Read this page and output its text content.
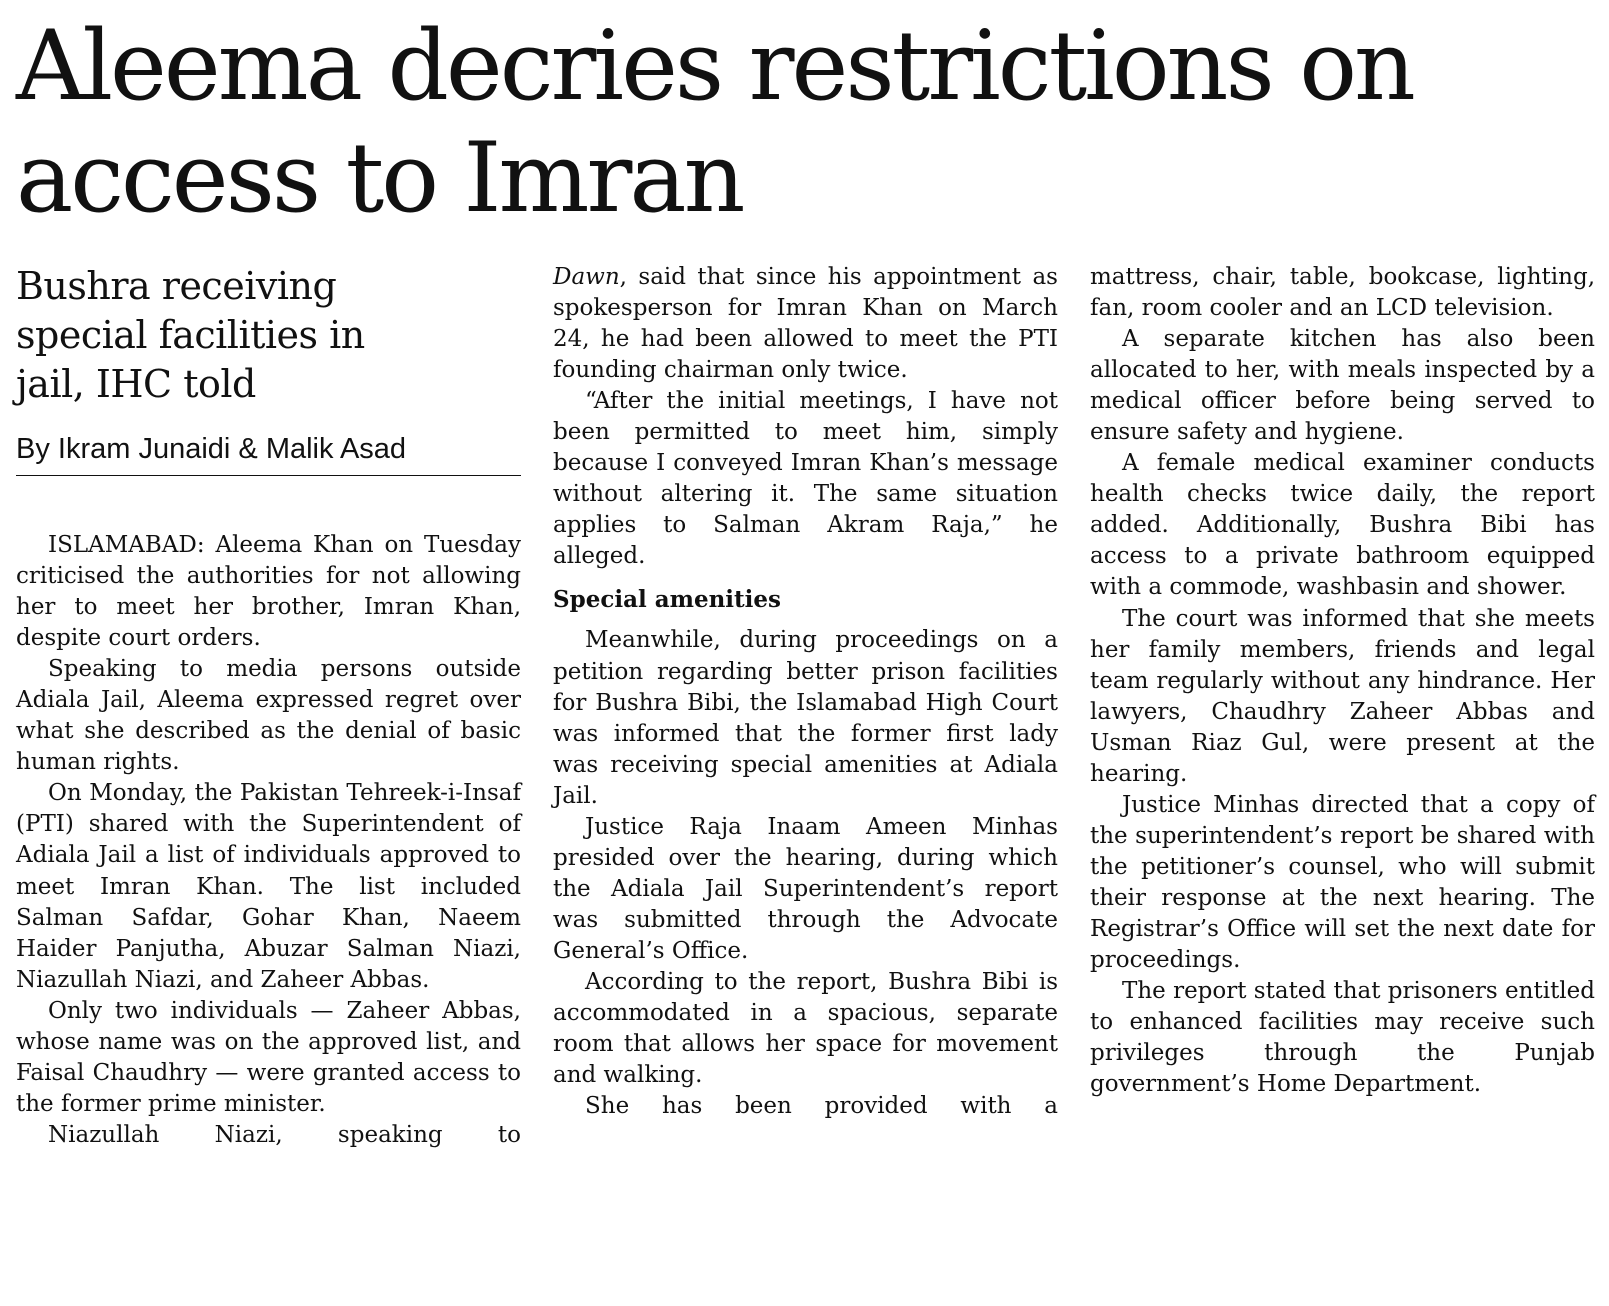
Aleema decries restrictions on access to Imran
Bushra receiving special facilities in jail, IHC told
By Ikram Junaidi & Malik Asad

ISLAMABAD: Aleema Khan on Tuesday criticised the authorities for not allowing her to meet her brother, Imran Khan, despite court orders.

Speaking to media persons outside Adiala Jail, Aleema expressed regret over what she described as the denial of basic human rights.

On Monday, the Pakistan Tehreek-i-Insaf (PTI) shared with the Superintendent of Adiala Jail a list of individuals approved to meet Imran Khan. The list included Salman Safdar, Gohar Khan, Naeem Haider Panjutha, Abuzar Salman Niazi, Niazullah Niazi, and Zaheer Abbas.

Only two individuals — Zaheer Abbas, whose name was on the approved list, and Faisal Chaudhry — were granted access to the former prime minister.

Niazullah Niazi, speaking to

Dawn, said that since his appointment as spokesperson for Imran Khan on March 24, he had been allowed to meet the PTI founding chairman only twice.

“After the initial meetings, I have not been permitted to meet him, simply because I conveyed Imran Khan’s message without altering it. The same situation applies to Salman Akram Raja,” he alleged.

Special amenities

Meanwhile, during proceedings on a petition regarding better prison facilities for Bushra Bibi, the Islamabad High Court was informed that the former first lady was receiving special amenities at Adiala Jail.

Justice Raja Inaam Ameen Minhas presided over the hearing, during which the Adiala Jail Superintendent’s report was submitted through the Advocate General’s Office.

According to the report, Bushra Bibi is accommodated in a spacious, separate room that allows her space for movement and walking.

She has been provided with a

mattress, chair, table, bookcase, lighting, fan, room cooler and an LCD television.

A separate kitchen has also been allocated to her, with meals inspected by a medical officer before being served to ensure safety and hygiene.

A female medical examiner conducts health checks twice daily, the report added. Additionally, Bushra Bibi has access to a private bathroom equipped with a commode, washbasin and shower.

The court was informed that she meets her family members, friends and legal team regularly without any hindrance. Her lawyers, Chaudhry Zaheer Abbas and Usman Riaz Gul, were present at the hearing.

Justice Minhas directed that a copy of the superintendent’s report be shared with the petitioner’s counsel, who will submit their response at the next hearing. The Registrar’s Office will set the next date for proceedings.

The report stated that prisoners entitled to enhanced facilities may receive such privileges through the Punjab government’s Home Department.
